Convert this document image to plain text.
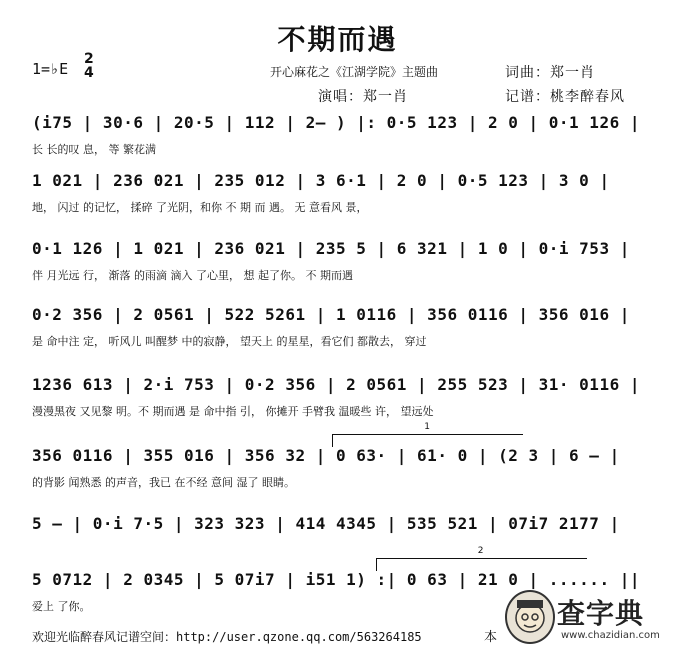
不期而遇
1=♭E
2
4	开心麻花之《江湖学院》主题曲	词曲：郑一肖
演唱：郑一肖	记谱：桃李醉春风
(i75 | 30·6 | 20·5 | 112 | 2– ) |: 0·5 123 | 2 0 | 0·1 126 |
长 长的叹 息， 等 繁花满
1 021 | 236 021 | 235 012 | 3 6·1 | 2 0 | 0·5 123 | 3 0 |
地， 闪过 的记忆， 揉碎 了光阴，和你 不 期 而 遇。 无 意看风 景，
0·1 126 | 1 021 | 236 021 | 235 5 | 6 321 | 1 0 | 0·i 753 |
伴 月光远 行， 渐落 的雨滴 滴入 了心里， 想 起了你。 不 期而遇
0·2 356 | 2 0561 | 522 5261 | 1 0116 | 356 0116 | 356 016 |
是 命中注 定， 听风儿 叫醒梦 中的寂静， 望天上 的星星，看它们 都散去， 穿过
1236 613 | 2·i 753 | 0·2 356 | 2 0561 | 255 523 | 31· 0116 |
漫漫黑夜 又见黎 明。不 期而遇 是 命中指 引， 你摊开 手臂我 温暖些 许， 望远处
1
356 0116 | 355 016 | 356 32 | 0 63· | 61· 0 | (2 3 | 6 – |
的背影 闻熟悉 的声音，我已 在不经 意间 湿了 眼睛。
5 – | 0·i 7·5 | 323 323 | 414 4345 | 535 521 | 07i7 2177 |
2
5 0712 | 2 0345 | 5 07i7 | i51 1) :| 0 63 | 21 0 | ...... ||
爱上 了你。
欢迎光临醉春风记谱空间：http://user.qzone.qq.com/563264185	本
查字典
www.chazidian.com
